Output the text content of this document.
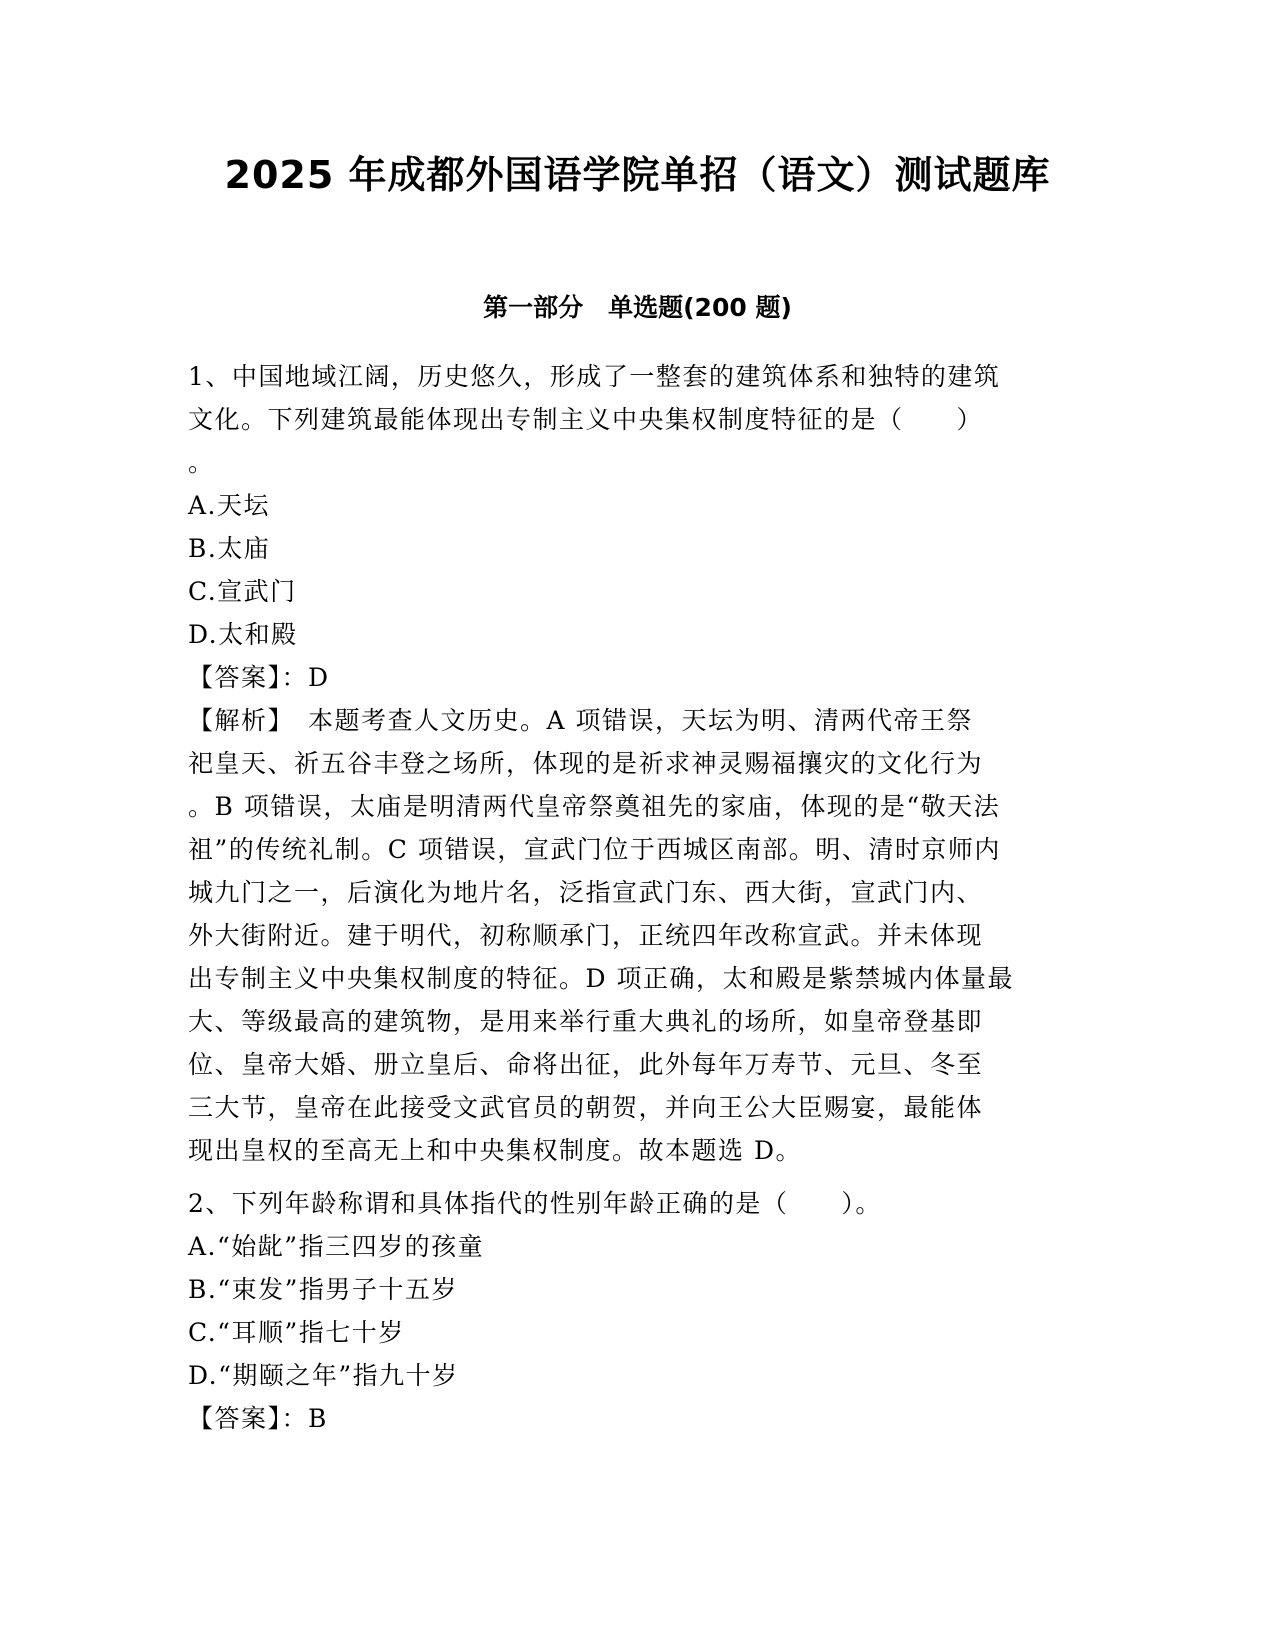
2025 年成都外国语学院单招（语文）测试题库
第一部分　单选题(200 题)
1、中国地域江阔，历史悠久，形成了一整套的建筑体系和独特的建筑
文化。下列建筑最能体现出专制主义中央集权制度特征的是（　　）
。
A.天坛
B.太庙
C.宣武门
D.太和殿
【答案】：D
【解析】　本题考查人文历史。A 项错误，天坛为明、清两代帝王祭
祀皇天、祈五谷丰登之场所，体现的是祈求神灵赐福攘灾的文化行为
。B 项错误，太庙是明清两代皇帝祭奠祖先的家庙，体现的是“敬天法
祖”的传统礼制。C 项错误，宣武门位于西城区南部。明、清时京师内
城九门之一，后演化为地片名，泛指宣武门东、西大街，宣武门内、
外大街附近。建于明代，初称顺承门，正统四年改称宣武。并未体现
出专制主义中央集权制度的特征。D 项正确，太和殿是紫禁城内体量最
大、等级最高的建筑物，是用来举行重大典礼的场所，如皇帝登基即
位、皇帝大婚、册立皇后、命将出征，此外每年万寿节、元旦、冬至
三大节，皇帝在此接受文武官员的朝贺，并向王公大臣赐宴，最能体
现出皇权的至高无上和中央集权制度。故本题选 D。
2、下列年龄称谓和具体指代的性别年龄正确的是（　　）。
A.“始龀”指三四岁的孩童
B.“束发”指男子十五岁
C.“耳顺”指七十岁
D.“期颐之年”指九十岁
【答案】：B
